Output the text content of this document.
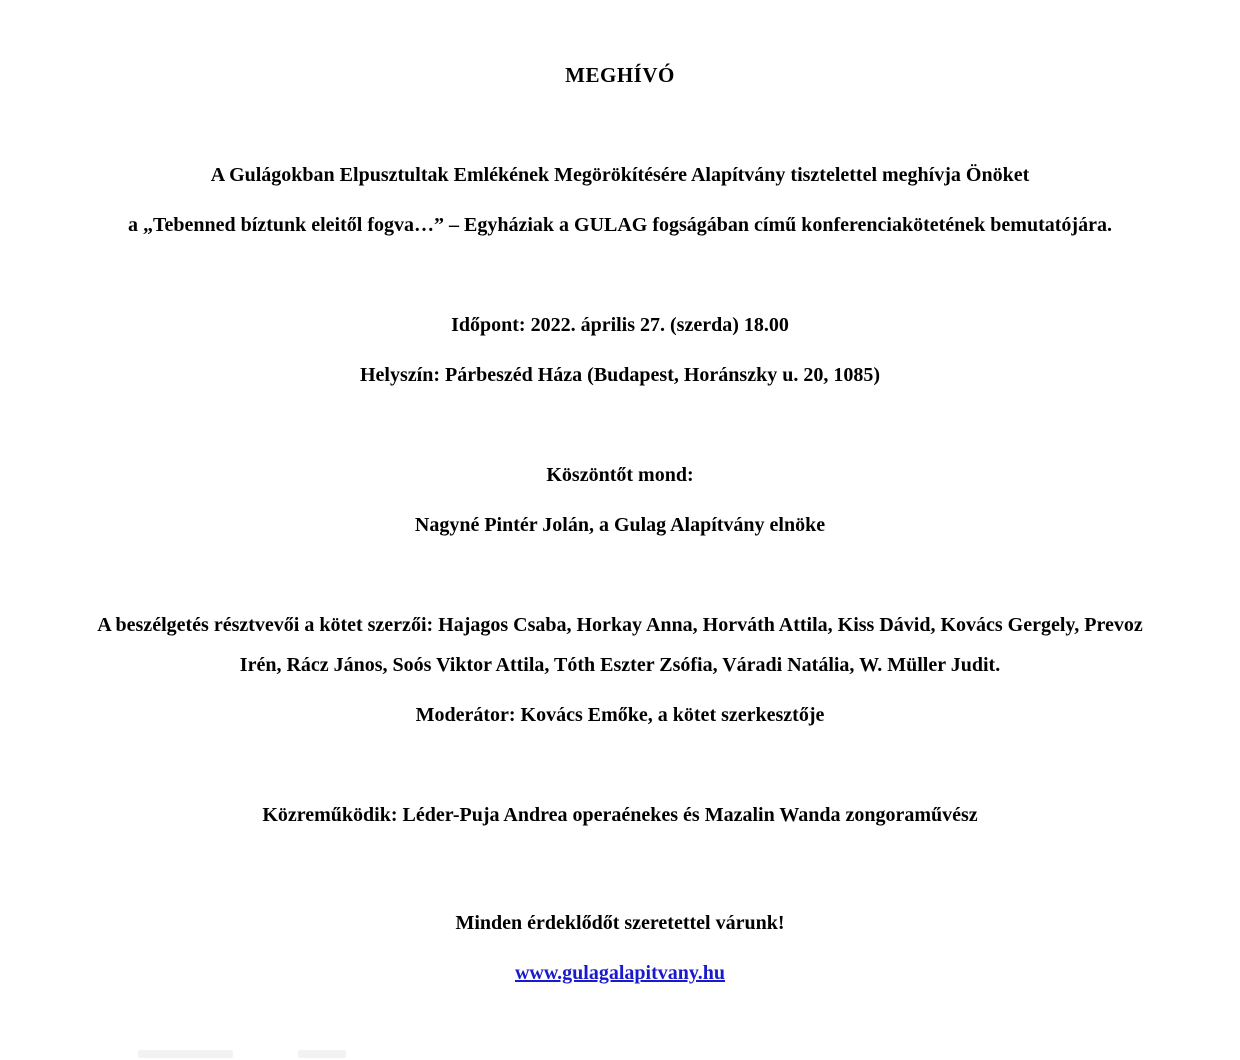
MEGHÍVÓ

A Gulágokban Elpusztultak Emlékének Megörökítésére Alapítvány tisztelettel meghívja Önöket

a „Tebenned bíztunk eleitől fogva…” – Egyháziak a GULAG fogságában című konferenciakötetének bemutatójára.

Időpont: 2022. április 27. (szerda) 18.00

Helyszín: Párbeszéd Háza (Budapest, Horánszky u. 20, 1085)

Köszöntőt mond:

Nagyné Pintér Jolán, a Gulag Alapítvány elnöke

A beszélgetés résztvevői a kötet szerzői: Hajagos Csaba, Horkay Anna, Horváth Attila, Kiss Dávid, Kovács Gergely, Prevoz Irén, Rácz János, Soós Viktor Attila, Tóth Eszter Zsófia, Váradi Natália, W. Müller Judit.

Moderátor: Kovács Emőke, a kötet szerkesztője

Közreműködik: Léder-Puja Andrea operaénekes és Mazalin Wanda zongoraművész

Minden érdeklődőt szeretettel várunk!

www.gulagalapitvany.hu
